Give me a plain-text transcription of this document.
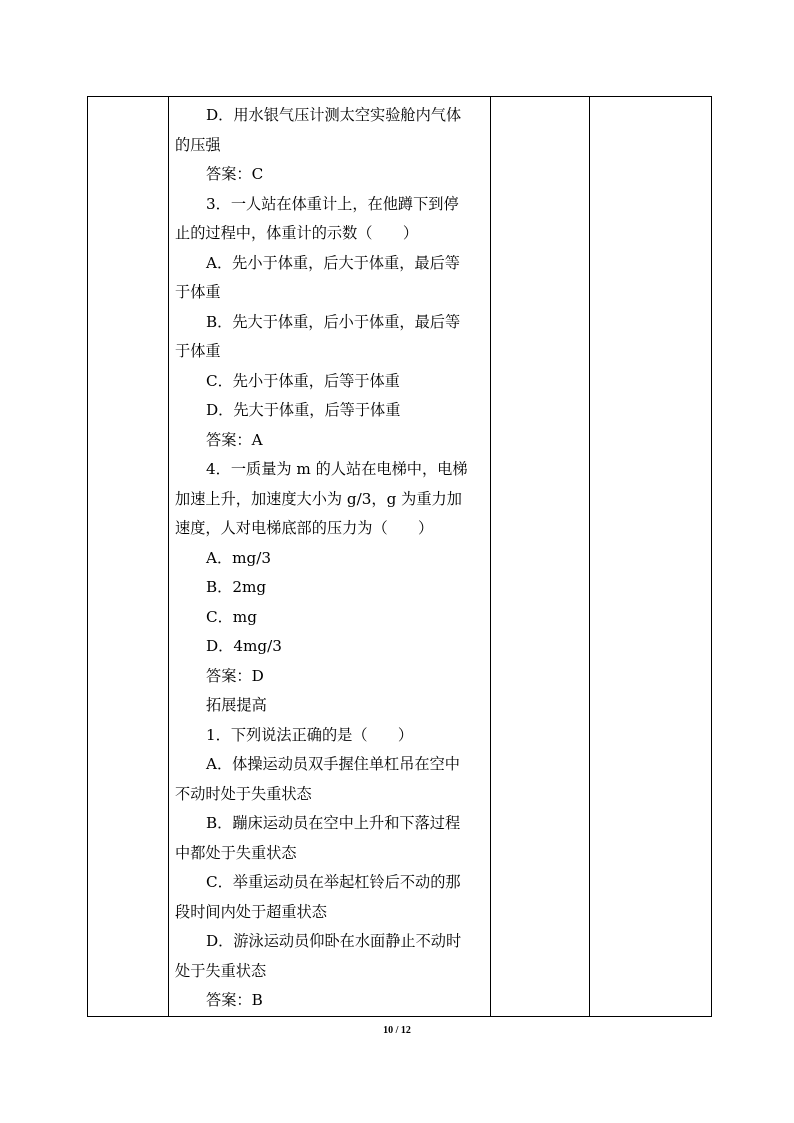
D．用水银气压计测太空实验舱内气体

的压强

答案：C

3．一人站在体重计上，在他蹲下到停

止的过程中，体重计的示数（　　）

A．先小于体重，后大于体重，最后等

于体重

B．先大于体重，后小于体重，最后等

于体重

C．先小于体重，后等于体重

D．先大于体重，后等于体重

答案：A

4．一质量为 m 的人站在电梯中，电梯

加速上升，加速度大小为 g/3，g 为重力加

速度，人对电梯底部的压力为（　　）

A．mg/3

B．2mg

C．mg

D．4mg/3

答案：D

拓展提高

1．下列说法正确的是（　　）

A．体操运动员双手握住单杠吊在空中

不动时处于失重状态

B．蹦床运动员在空中上升和下落过程

中都处于失重状态

C．举重运动员在举起杠铃后不动的那

段时间内处于超重状态

D．游泳运动员仰卧在水面静止不动时

处于失重状态

答案：B

10 / 12
